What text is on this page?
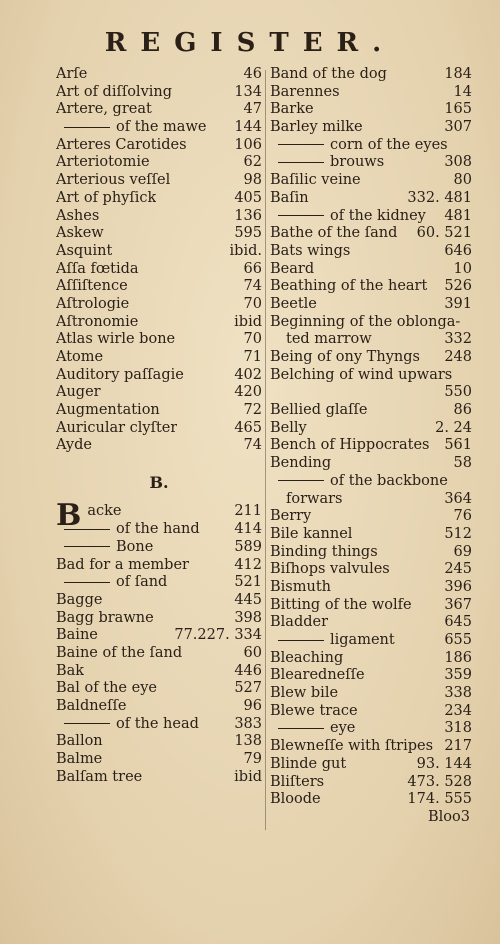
REGISTER.
Arſe	46
Art of diſſolving	134
Artere, great	47
of the mawe 144
Arteres Carotides	106
Arteriotomie	62
Arterious veſſel	98
Art of phyſick	405
Ashes	136
Askew	595
Asquint	ibid.
Aſſa fœtida	66
Aſſiſtence	74
Aſtrologie	70
Aſtronomie	ibid
Atlas wirle bone	70
Atome	71
Auditory paſſagie	402
Auger	420
Augmentation	72
Auricular clyſter	465
Ayde	74
B.
Backe	211
of the hand 414
Bone	589
Bad for a member	412
of ſand	521
Bagge	445
Bagg brawne	398
Baine	77.227. 334
Baine of the ſand	60
Bak	446
Bal of the eye	527
Baldneſſe	96
of the head 383
Ballon	138
Balme	79
Balſam tree	ibid
Band of the dog	184
Barennes	14
Barke	165
Barley milke	307
corn of the eyes
brouws	308
Baſilic veine	80
Baſin	332. 481
of the kidney 481
Bathe of the ſand 60. 521
Bats wings	646
Beard	10
Beathing of the heart 526
Beetle	391
Beginning of the oblonga-
ted marrow	332
Being of ony Thyngs 248
Belching of wind upwars
550
Bellied glaſſe	86
Belly	2. 24
Bench of Hippocrates 561
Bending	58
of the backbone
forwars	364
Berry	76
Bile kannel	512
Binding things	69
Biſhops valvules	245
Bismuth	396
Bitting of the wolfe 367
Bladder	645
ligament	655
Bleaching	186
Blearedneſſe	359
Blew bile	338
Blewe trace	234
eye	318
Blewneſſe with ſtripes 217
Blinde gut	93. 144
Bliſters	473. 528
Bloode	174. 555
Bloo3
